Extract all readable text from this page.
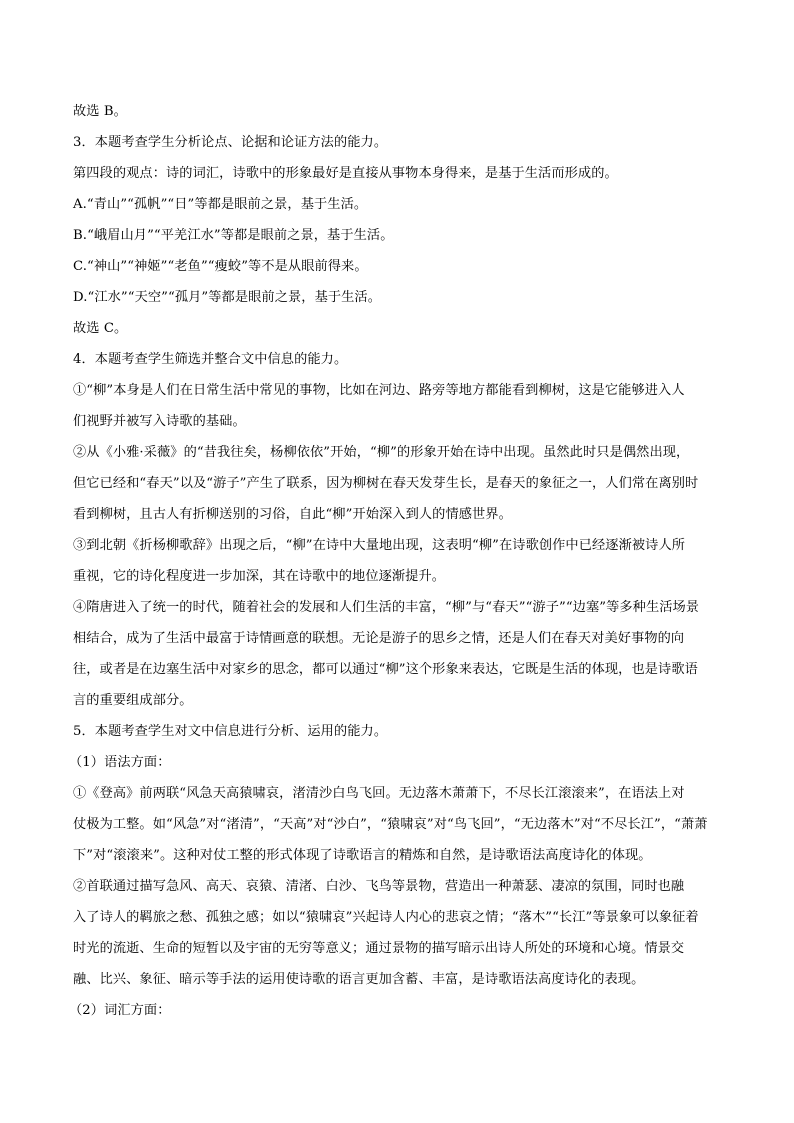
故选 B。
3．本题考查学生分析论点、论据和论证方法的能力。
第四段的观点：诗的词汇，诗歌中的形象最好是直接从事物本身得来，是基于生活而形成的。
A.“青山”“孤帆”“日”等都是眼前之景，基于生活。
B.“峨眉山月”“平羌江水”等都是眼前之景，基于生活。
C.“神山”“神姬”“老鱼”“瘦蛟”等不是从眼前得来。
D.“江水”“天空”“孤月”等都是眼前之景，基于生活。
故选 C。
4．本题考查学生筛选并整合文中信息的能力。
①“柳”本身是人们在日常生活中常见的事物，比如在河边、路旁等地方都能看到柳树，这是它能够进入人
们视野并被写入诗歌的基础。
②从《小雅·采薇》的“昔我往矣，杨柳依依”开始，“柳”的形象开始在诗中出现。虽然此时只是偶然出现，
但它已经和“春天”以及“游子”产生了联系，因为柳树在春天发芽生长，是春天的象征之一，人们常在离别时
看到柳树，且古人有折柳送别的习俗，自此“柳”开始深入到人的情感世界。
③到北朝《折杨柳歌辞》出现之后，“柳”在诗中大量地出现，这表明“柳”在诗歌创作中已经逐渐被诗人所
重视，它的诗化程度进一步加深，其在诗歌中的地位逐渐提升。
④隋唐进入了统一的时代，随着社会的发展和人们生活的丰富，“柳”与“春天”“游子”“边塞”等多种生活场景
相结合，成为了生活中最富于诗情画意的联想。无论是游子的思乡之情，还是人们在春天对美好事物的向
往，或者是在边塞生活中对家乡的思念，都可以通过“柳”这个形象来表达，它既是生活的体现，也是诗歌语
言的重要组成部分。
5．本题考查学生对文中信息进行分析、运用的能力。
（1）语法方面：
①《登高》前两联“风急天高猿啸哀，渚清沙白鸟飞回。无边落木萧萧下，不尽长江滚滚来”，在语法上对
仗极为工整。如“风急”对“渚清”，“天高”对“沙白”，“猿啸哀”对“鸟飞回”，“无边落木”对“不尽长江”，“萧萧
下”对“滚滚来”。这种对仗工整的形式体现了诗歌语言的精炼和自然，是诗歌语法高度诗化的体现。
②首联通过描写急风、高天、哀猿、清渚、白沙、飞鸟等景物，营造出一种萧瑟、凄凉的氛围，同时也融
入了诗人的羁旅之愁、孤独之感；如以“猿啸哀”兴起诗人内心的悲哀之情；“落木”“长江”等景象可以象征着
时光的流逝、生命的短暂以及宇宙的无穷等意义；通过景物的描写暗示出诗人所处的环境和心境。情景交
融、比兴、象征、暗示等手法的运用使诗歌的语言更加含蓄、丰富，是诗歌语法高度诗化的表现。
（2）词汇方面：
